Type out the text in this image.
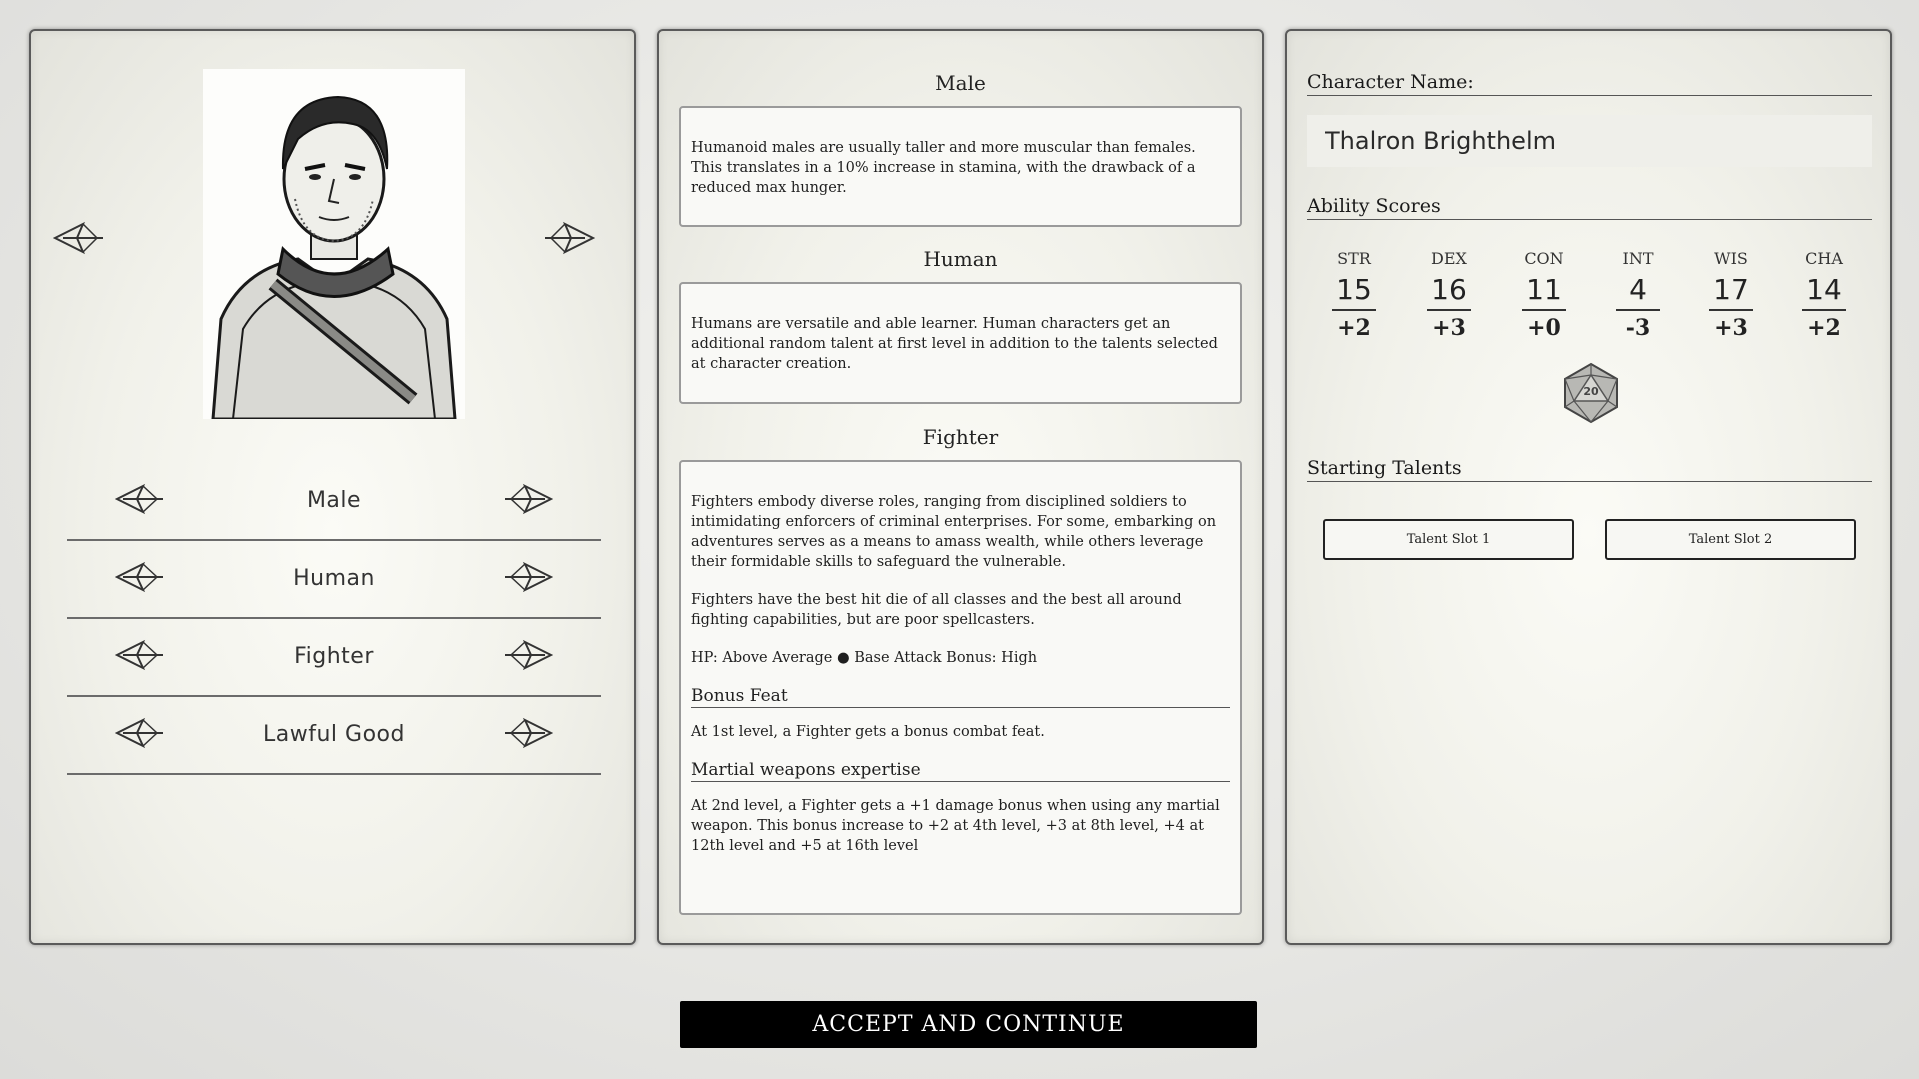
Male
Human
Fighter
Lawful Good
Male

Humanoid males are usually taller and more muscular than females. This translates in a 10% increase in stamina, with the drawback of a reduced max hunger.

Human

Humans are versatile and able learner. Human characters get an additional random talent at first level in addition to the talents selected at character creation.

Fighter

Fighters embody diverse roles, ranging from disciplined soldiers to intimidating enforcers of criminal enterprises. For some, embarking on adventures serves as a means to amass wealth, while others leverage their formidable skills to safeguard the vulnerable.

Fighters have the best hit die of all classes and the best all around fighting capabilities, but are poor spellcasters.

HP: Above Average ● Base Attack Bonus: High

Bonus Feat

At 1st level, a Fighter gets a bonus combat feat.

Martial weapons expertise

At 2nd level, a Fighter gets a +1 damage bonus when using any martial weapon. This bonus increase to +2 at 4th level, +3 at 8th level, +4 at 12th level and +5 at 16th level

Character Name:
Thalron Brighthelm
Ability Scores
STR
15
+2
DEX
16
+3
CON
11
+0
INT
4
-3
WIS
17
+3
CHA
14
+2
20
Starting Talents
Talent Slot 1	Talent Slot 2
ACCEPT AND CONTINUE
